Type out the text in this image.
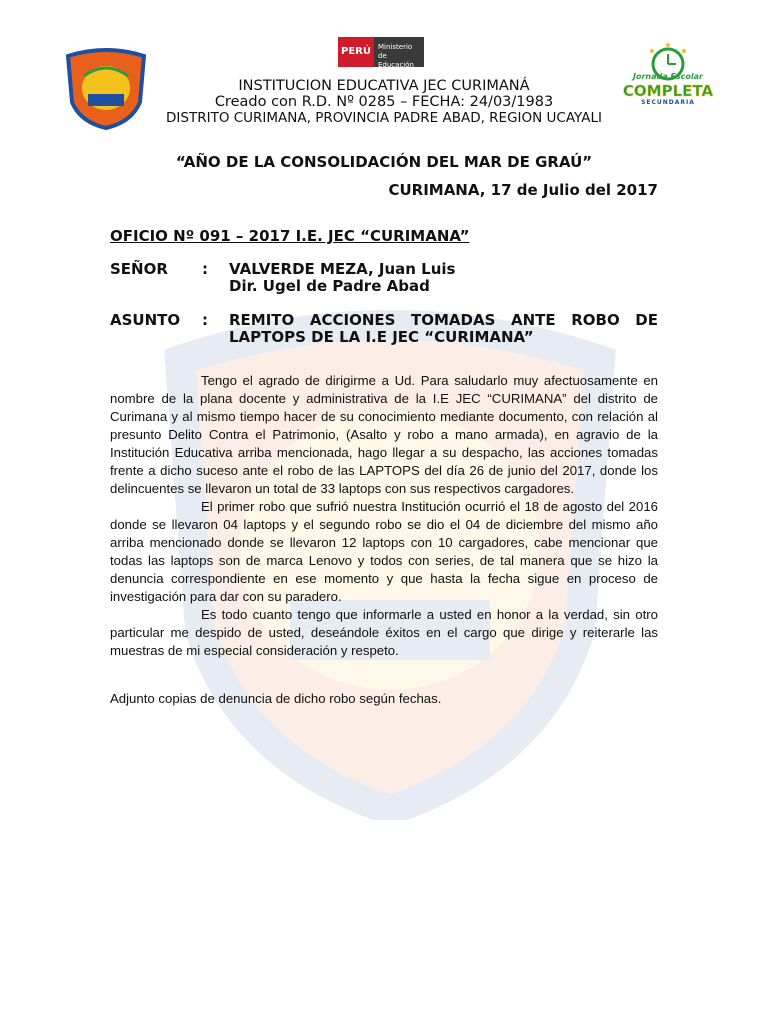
PERÚ	Ministerio
de Educación
Jornada Escolar
COMPLETA
SECUNDARIA
INSTITUCION EDUCATIVA JEC CURIMANÁ
Creado con R.D. Nº 0285 – FECHA: 24/03/1983
DISTRITO CURIMANA, PROVINCIA PADRE ABAD, REGION UCAYALI
“AÑO DE LA CONSOLIDACIÓN DEL MAR DE GRAÚ”
CURIMANA, 17 de Julio del 2017
OFICIO Nº 091 – 2017 I.E. JEC “CURIMANA”
SEÑOR : VALVERDE MEZA, Juan Luis
Dir. Ugel de Padre Abad
ASUNTO : REMITO ACCIONES TOMADAS ANTE ROBO DE
LAPTOPS DE LA I.E JEC “CURIMANA”

Tengo el agrado de dirigirme a Ud. Para saludarlo muy afectuosamente en nombre de la plana docente y administrativa de la I.E JEC “CURIMANA” del distrito de Curimana y al mismo tiempo hacer de su conocimiento mediante documento, con relación al presunto Delito Contra el Patrimonio, (Asalto y robo a mano armada), en agravio de la Institución Educativa arriba mencionada, hago llegar a su despacho, las acciones tomadas frente a dicho suceso ante el robo de las LAPTOPS del día 26 de junio del 2017, donde los delincuentes se llevaron un total de 33 laptops con sus respectivos cargadores.

El primer robo que sufrió nuestra Institución ocurrió el 18 de agosto del 2016 donde se llevaron 04 laptops y el segundo robo se dio el 04 de diciembre del mismo año arriba mencionado donde se llevaron 12 laptops con 10 cargadores, cabe mencionar que todas las laptops son de marca Lenovo y todos con series, de tal manera que se hizo la denuncia correspondiente en ese momento y que hasta la fecha sigue en proceso de investigación para dar con su paradero.

Es todo cuanto tengo que informarle a usted en honor a la verdad, sin otro particular me despido de usted, deseándole éxitos en el cargo que dirige y reiterarle las muestras de mi especial consideración y respeto.

Adjunto copias de denuncia de dicho robo según fechas.
